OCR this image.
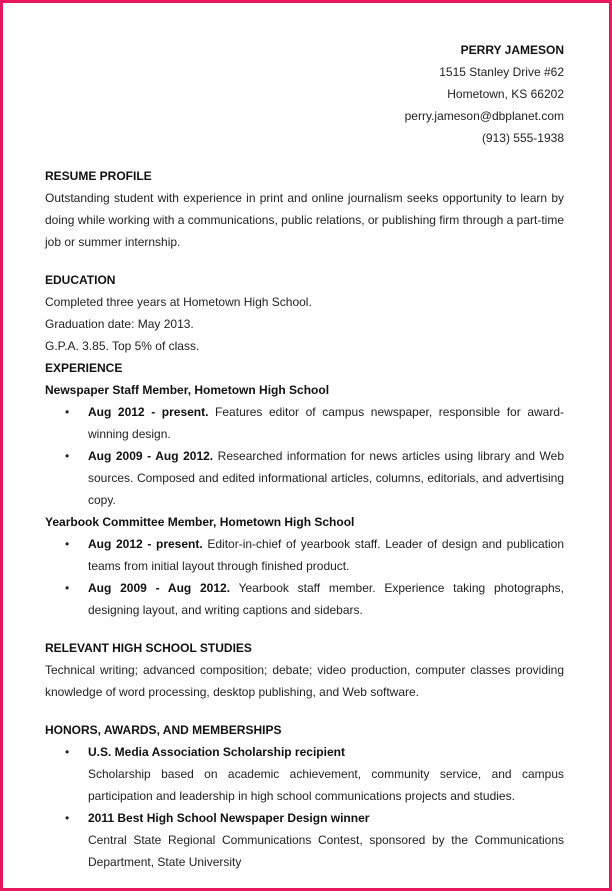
PERRY JAMESON
1515 Stanley Drive #62
Hometown, KS 66202
perry.jameson@dbplanet.com
(913) 555-1938
RESUME PROFILE

Outstanding student with experience in print and online journalism seeks opportunity to learn by doing while working with a communications, public relations, or publishing firm through a part-time job or summer internship.

EDUCATION

Completed three years at Hometown High School.

Graduation date: May 2013.

G.P.A. 3.85. Top 5% of class.

EXPERIENCE
Newspaper Staff Member, Hometown High School
• Aug 2012 - present. Features editor of campus newspaper, responsible for award-winning design.
• Aug 2009 - Aug 2012. Researched information for news articles using library and Web sources. Composed and edited informational articles, columns, editorials, and advertising copy.
Yearbook Committee Member, Hometown High School
• Aug 2012 - present. Editor-in-chief of yearbook staff. Leader of design and publication teams from initial layout through finished product.
• Aug 2009 - Aug 2012. Yearbook staff member. Experience taking photographs, designing layout, and writing captions and sidebars.
RELEVANT HIGH SCHOOL STUDIES

Technical writing; advanced composition; debate; video production, computer classes providing knowledge of word processing, desktop publishing, and Web software.

HONORS, AWARDS, AND MEMBERSHIPS
• U.S. Media Association Scholarship recipient
Scholarship based on academic achievement, community service, and campus participation and leadership in high school communications projects and studies.
• 2011 Best High School Newspaper Design winner
Central State Regional Communications Contest, sponsored by the Communications Department, State University
